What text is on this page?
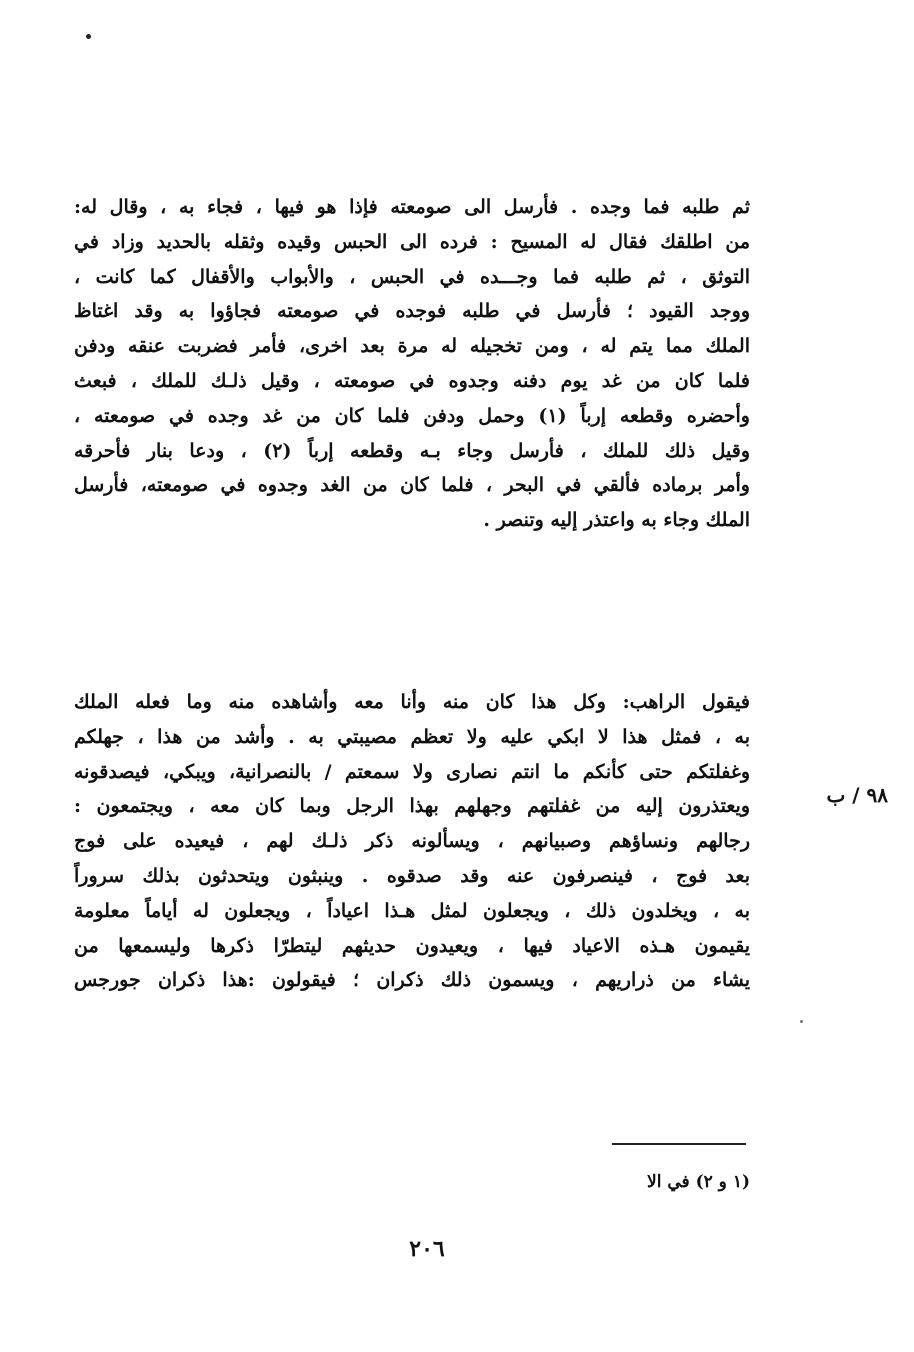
ثم طلبه فما وجده . فأرسل الى صومعته فإذا هو فيها ، فجاء به ، وقال له:
من اطلقك فقال له المسيح : فرده الى الحبس وقيده وثقله بالحديد وزاد في
التوثق ، ثم طلبه فما وجـــده في الحبس ، والأبواب والأقفال كما كانت ،
ووجد القيود ؛ فأرسل في طلبه فوجده في صومعته فجاؤوا به وقد اغتاظ
الملك مما يتم له ، ومن تخجيله له مرة بعد اخرى، فأمر فضربت عنقه ودفن
فلما كان من غد يوم دفنه وجدوه في صومعته ، وقيل ذلـك للملك ، فبعث
وأحضره وقطعه إرباً (١) وحمل ودفن فلما كان من غد وجده في صومعته ،
وقيل ذلك للملك ، فأرسل وجاء بـه وقطعه إرباً (٢) ، ودعا بنار فأحرقه
وأمر برماده فألقي في البحر ، فلما كان من الغد وجدوه في صومعته، فأرسل
الملك وجاء به واعتذر إليه وتنصر .
فيقول الراهب: وكل هذا كان منه وأنا معه وأشاهده منه وما فعله الملك
به ، فمثل هذا لا ابكي عليه ولا تعظم مصيبتي به . وأشد من هذا ، جهلكم
وغفلتكم حتى كأنكم ما انتم نصارى ولا سمعتم / بالنصرانية، ويبكي، فيصدقونه
ويعتذرون إليه من غفلتهم وجهلهم بهذا الرجل وبما كان معه ، ويجتمعون :
رجالهم ونساؤهم وصبيانهم ، ويسألونه ذكر ذلـك لهم ، فيعيده على فوج
بعد فوج ، فينصرفون عنه وقد صدقوه . وينبثون ويتحدثون بذلك سروراً
به ، ويخلدون ذلك ، ويجعلون لمثل هـذا اعياداً ، ويجعلون له أياماً معلومة
يقيمون هـذه الاعياد فيها ، ويعيدون حديثهم ليتطرّا ذكرها وليسمعها من
يشاء من ذراريهم ، ويسمون ذلك ذكران ؛ فيقولون :هذا ذكران جورجس
٩٨ / ب
(١ و ٢) في الا
٢٠٦
